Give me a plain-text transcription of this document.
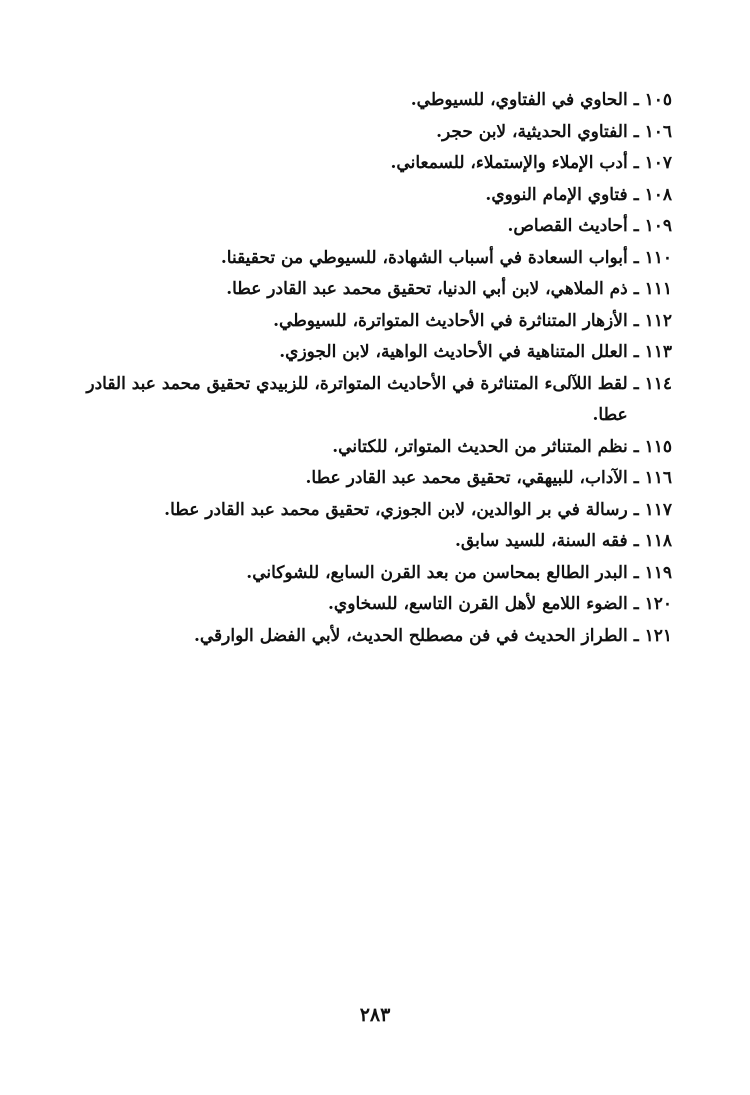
١٠٥ ـ
الحاوي في الفتاوي، للسيوطي.
١٠٦ ـ
الفتاوي الحديثية، لابن حجر.
١٠٧ ـ
أدب الإملاء والإستملاء، للسمعاني.
١٠٨ ـ
فتاوي الإمام النووي.
١٠٩ ـ
أحاديث القصاص.
١١٠ ـ
أبواب السعادة في أسباب الشهادة، للسيوطي من تحقيقنا.
١١١ ـ
ذم الملاهي، لابن أبي الدنيا، تحقيق محمد عبد القادر عطا.
١١٢ ـ
الأزهار المتناثرة في الأحاديث المتواترة، للسيوطي.
١١٣ ـ
العلل المتناهية في الأحاديث الواهية، لابن الجوزي.
١١٤ ـ
لقط اللآلىء المتناثرة في الأحاديث المتواترة، للزبيدي تحقيق محمد عبد القادر عطا.
١١٥ ـ
نظم المتناثر من الحديث المتواتر، للكتاني.
١١٦ ـ
الآداب، للبيهقي، تحقيق محمد عبد القادر عطا.
١١٧ ـ
رسالة في بر الوالدين، لابن الجوزي، تحقيق محمد عبد القادر عطا.
١١٨ ـ
فقه السنة، للسيد سابق.
١١٩ ـ
البدر الطالع بمحاسن من بعد القرن السابع، للشوكاني.
١٢٠ ـ
الضوء اللامع لأهل القرن التاسع، للسخاوي.
١٢١ ـ
الطراز الحديث في فن مصطلح الحديث، لأبي الفضل الوارقي.
٢٨٣
